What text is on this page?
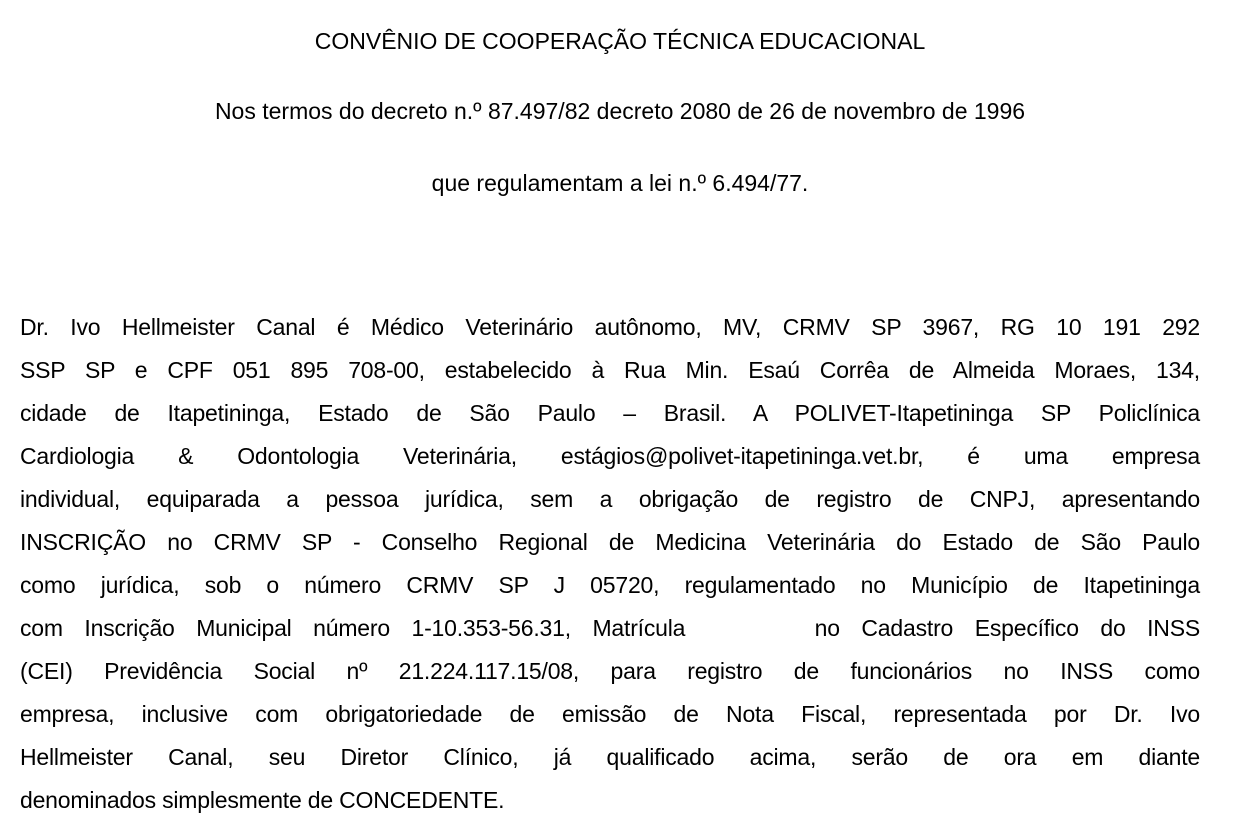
CONVÊNIO DE COOPERAÇÃO TÉCNICA EDUCACIONAL
Nos termos do decreto n.º 87.497/82 decreto 2080 de 26 de novembro de 1996
que regulamentam a lei n.º 6.494/77.
Dr. Ivo Hellmeister Canal é Médico Veterinário autônomo, MV, CRMV SP 3967, RG 10 191 292
SSP SP e CPF 051 895 708-00, estabelecido à Rua Min. Esaú Corrêa de Almeida Moraes, 134,
cidade de Itapetininga, Estado de São Paulo – Brasil. A POLIVET-Itapetininga SP Policlínica
Cardiologia & Odontologia Veterinária, estágios@polivet-itapetininga.vet.br, é uma empresa
individual, equiparada a pessoa jurídica, sem a obrigação de registro de CNPJ, apresentando
INSCRIÇÃO no CRMV SP - Conselho Regional de Medicina Veterinária do Estado de São Paulo
como jurídica, sob o número CRMV SP J 05720, regulamentado no Município de Itapetininga
com Inscrição Municipal número 1-10.353-56.31, Matrícula      no Cadastro Específico do INSS
(CEI) Previdência Social nº 21.224.117.15/08, para registro de funcionários no INSS como
empresa, inclusive com obrigatoriedade de emissão de Nota Fiscal, representada por Dr. Ivo
Hellmeister Canal, seu Diretor Clínico, já qualificado acima, serão de ora em diante
denominados simplesmente de CONCEDENTE.
